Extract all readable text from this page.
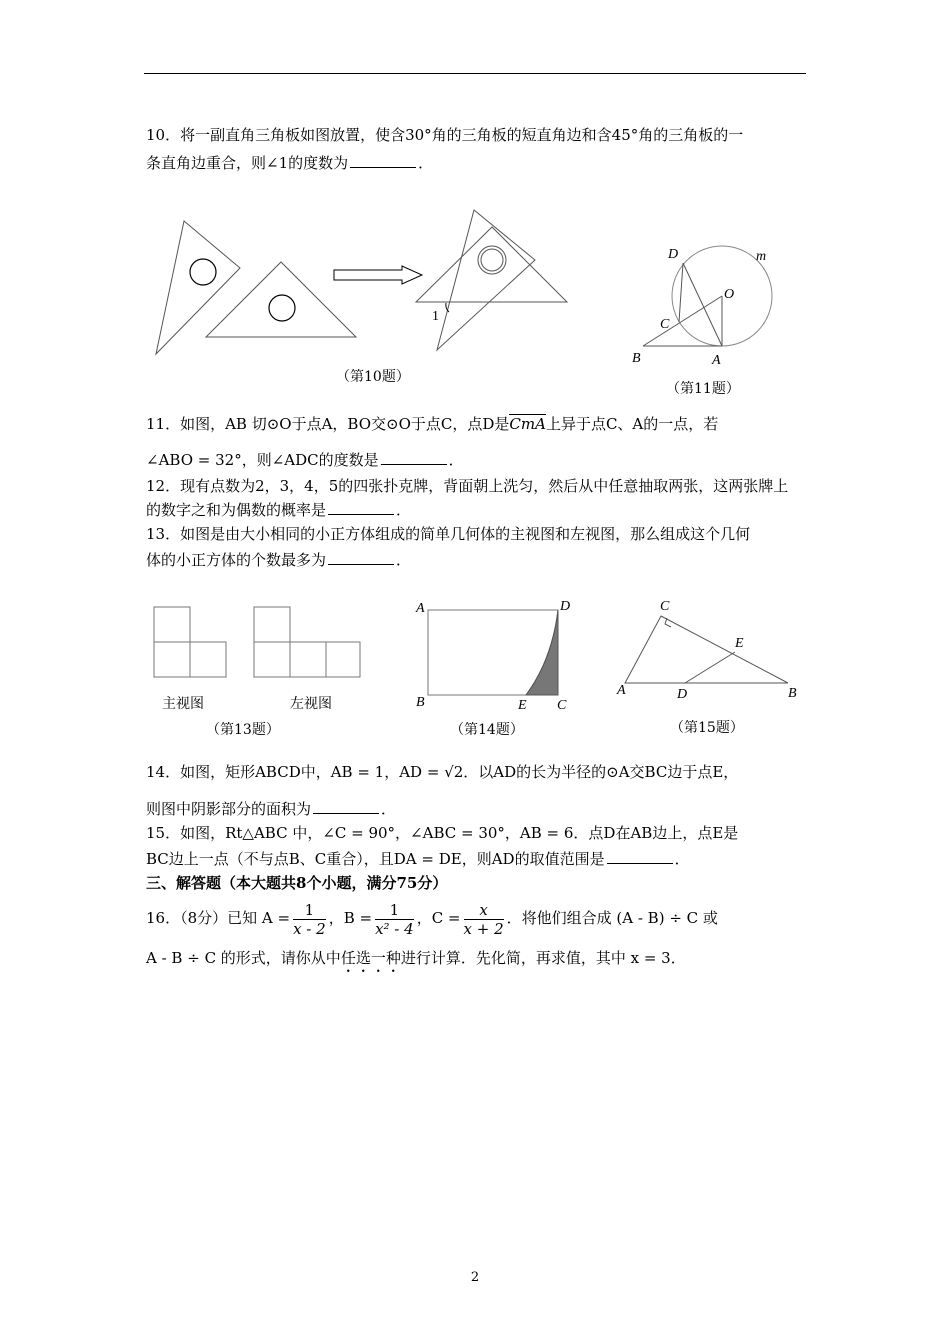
10．将一副直角三角板如图放置，使含30°角的三角板的短直角边和含45°角的三角板的一
条直角边重合，则∠1的度数为	．
1
D	m
O
C
B	A
A	D
B	E C
C
E
A	D	B
（第10题）
（第11题）
11．如图，AB 切⊙O于点A，BO交⊙O于点C，点D是CmA上异于点C、A的一点，若
∠ABO = 32°，则∠ADC的度数是	．
12．现有点数为2，3，4，5的四张扑克牌，背面朝上洗匀，然后从中任意抽取两张，这两张牌上
的数字之和为偶数的概率是	．
13．如图是由大小相同的小正方体组成的简单几何体的主视图和左视图，那么组成这个几何
体的小正方体的个数最多为	．
主视图	左视图
（第13题）	（第14题）	（第15题）
14．如图，矩形ABCD中，AB = 1，AD = √2．以AD的长为半径的⊙A交BC边于点E，
则图中阴影部分的面积为	．
15．如图，Rt△ABC 中，∠C = 90°，∠ABC = 30°，AB = 6．点D在AB边上，点E是
BC边上一点（不与点B、C重合），且DA = DE，则AD的取值范围是	．
三、解答题（本大题共8个小题，满分75分）
16．（8分）已知 $A = \frac{1}{x - 2}$ ，$B = \frac{1}{\text{x² - 4}}$ ，$C = \frac{x}{x + 2}$ ．将他们组合成 (A - B) ÷ C 或
A - B ÷ C 的形式，请你从中任选一种进行计算．先化简，再求值，其中 x = 3．
2
